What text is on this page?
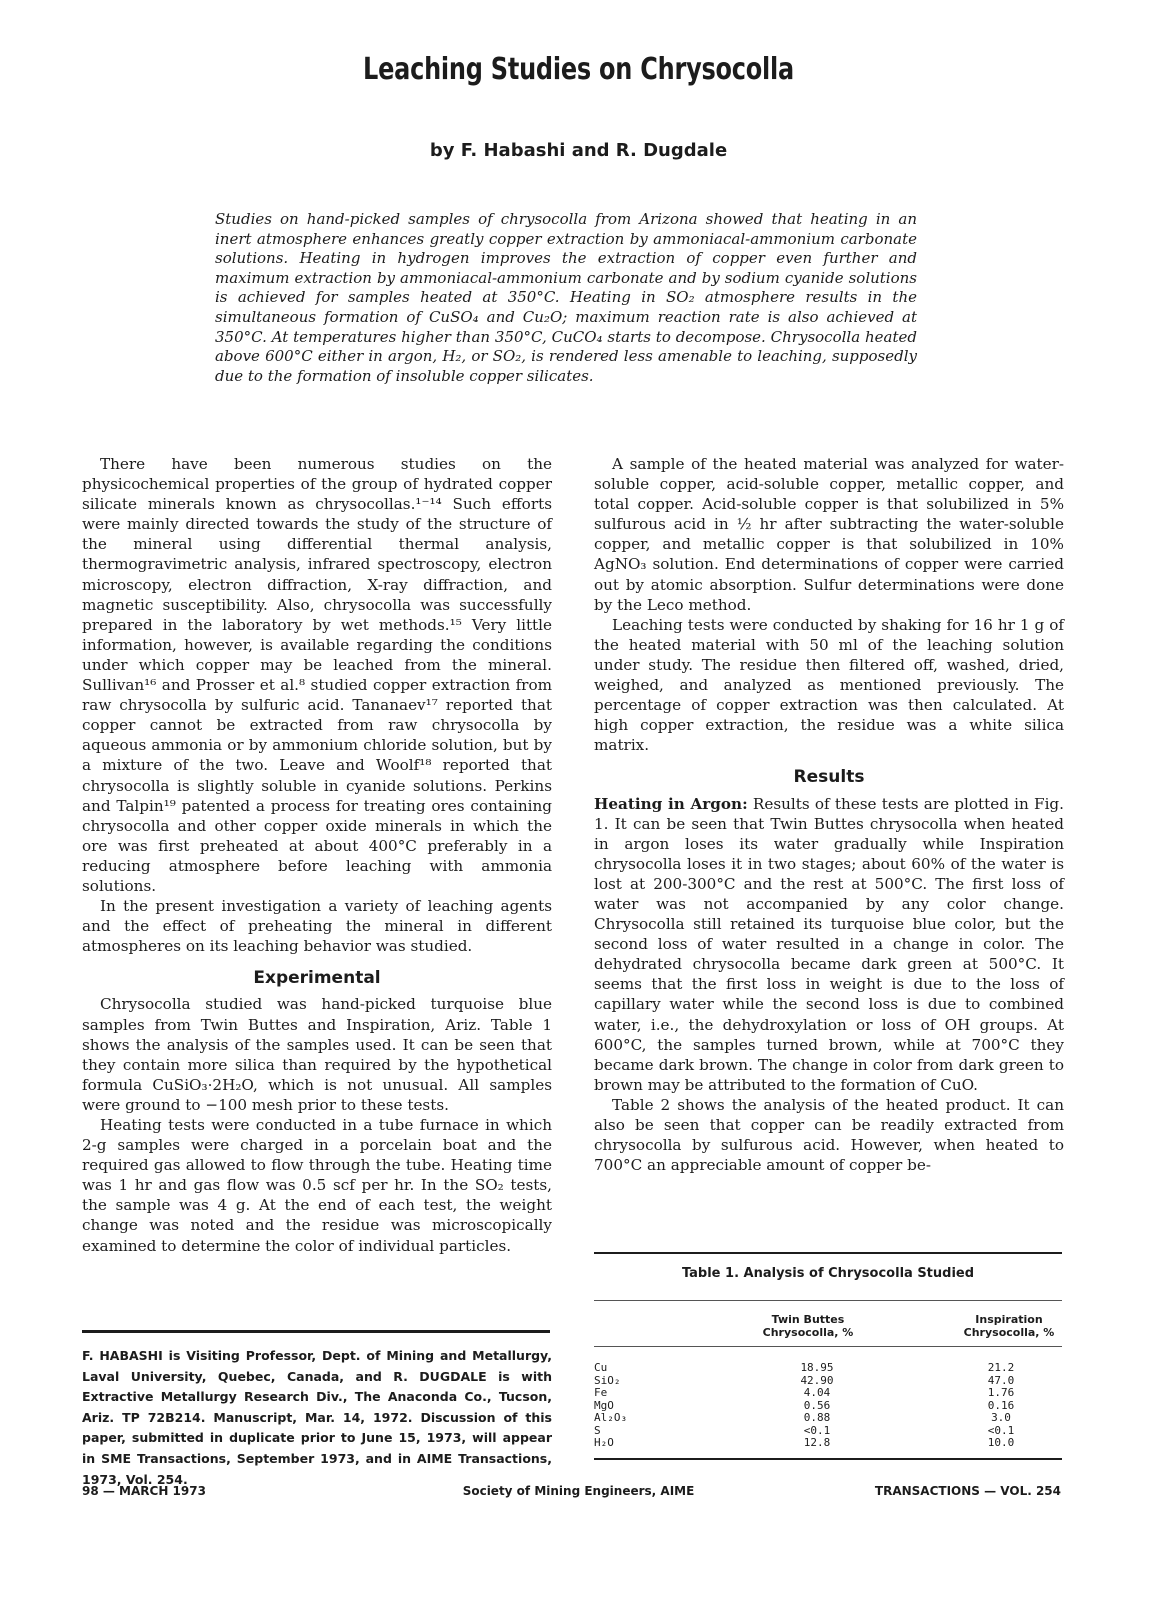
Leaching Studies on Chrysocolla
by F. Habashi and R. Dugdale

Studies on hand-picked samples of chrysocolla from Arizona showed that heating in an inert atmosphere enhances greatly copper extraction by ammoniacal-ammonium carbonate solutions. Heating in hydrogen improves the extraction of copper even further and maximum extraction by ammoniacal-ammonium carbonate and by sodium cyanide solutions is achieved for samples heated at 350°C. Heating in SO₂ atmosphere results in the simultaneous formation of CuSO₄ and Cu₂O; maximum reaction rate is also achieved at 350°C. At temperatures higher than 350°C, CuCO₄ starts to decompose. Chrysocolla heated above 600°C either in argon, H₂, or SO₂, is rendered less amenable to leaching, supposedly due to the formation of insoluble copper silicates.

There have been numerous studies on the physicochemical properties of the group of hydrated copper silicate minerals known as chrysocollas.¹⁻¹⁴ Such efforts were mainly directed towards the study of the structure of the mineral using differential thermal analysis, thermogravimetric analysis, infrared spectroscopy, electron microscopy, electron diffraction, X-ray diffraction, and magnetic susceptibility. Also, chrysocolla was successfully prepared in the laboratory by wet methods.¹⁵ Very little information, however, is available regarding the conditions under which copper may be leached from the mineral. Sullivan¹⁶ and Prosser et al.⁸ studied copper extraction from raw chrysocolla by sulfuric acid. Tananaev¹⁷ reported that copper cannot be extracted from raw chrysocolla by aqueous ammonia or by ammonium chloride solution, but by a mixture of the two. Leave and Woolf¹⁸ reported that chrysocolla is slightly soluble in cyanide solutions. Perkins and Talpin¹⁹ patented a process for treating ores containing chrysocolla and other copper oxide minerals in which the ore was first preheated at about 400°C preferably in a reducing atmosphere before leaching with ammonia solutions.

In the present investigation a variety of leaching agents and the effect of preheating the mineral in different atmospheres on its leaching behavior was studied.

Experimental

Chrysocolla studied was hand-picked turquoise blue samples from Twin Buttes and Inspiration, Ariz. Table 1 shows the analysis of the samples used. It can be seen that they contain more silica than required by the hypothetical formula CuSiO₃·2H₂O, which is not unusual. All samples were ground to −100 mesh prior to these tests.

Heating tests were conducted in a tube furnace in which 2-g samples were charged in a porcelain boat and the required gas allowed to flow through the tube. Heating time was 1 hr and gas flow was 0.5 scf per hr. In the SO₂ tests, the sample was 4 g. At the end of each test, the weight change was noted and the residue was microscopically examined to determine the color of individual particles.

F. HABASHI is Visiting Professor, Dept. of Mining and Metallurgy, Laval University, Quebec, Canada, and R. DUGDALE is with Extractive Metallurgy Research Div., The Anaconda Co., Tucson, Ariz. TP 72B214. Manuscript, Mar. 14, 1972. Discussion of this paper, submitted in duplicate prior to June 15, 1973, will appear in SME Transactions, September 1973, and in AIME Transactions, 1973, Vol. 254.

A sample of the heated material was analyzed for water-soluble copper, acid-soluble copper, metallic copper, and total copper. Acid-soluble copper is that solubilized in 5% sulfurous acid in ½ hr after subtracting the water-soluble copper, and metallic copper is that solubilized in 10% AgNO₃ solution. End determinations of copper were carried out by atomic absorption. Sulfur determinations were done by the Leco method.

Leaching tests were conducted by shaking for 16 hr 1 g of the heated material with 50 ml of the leaching solution under study. The residue then filtered off, washed, dried, weighed, and analyzed as mentioned previously. The percentage of copper extraction was then calculated. At high copper extraction, the residue was a white silica matrix.

Results

Heating in Argon: Results of these tests are plotted in Fig. 1. It can be seen that Twin Buttes chrysocolla when heated in argon loses its water gradually while Inspiration chrysocolla loses it in two stages; about 60% of the water is lost at 200-300°C and the rest at 500°C. The first loss of water was not accompanied by any color change. Chrysocolla still retained its turquoise blue color, but the second loss of water resulted in a change in color. The dehydrated chrysocolla became dark green at 500°C. It seems that the first loss in weight is due to the loss of capillary water while the second loss is due to combined water, i.e., the dehydroxylation or loss of OH groups. At 600°C, the samples turned brown, while at 700°C they became dark brown. The change in color from dark green to brown may be attributed to the formation of CuO.

Table 2 shows the analysis of the heated product. It can also be seen that copper can be readily extracted from chrysocolla by sulfurous acid. However, when heated to 700°C an appreciable amount of copper be-

Table 1. Analysis of Chrysocolla Studied
Twin Buttes
Chrysocolla, %
Inspiration
Chrysocolla, %
Cu	18.95	21.2
SiO₂	42.90	47.0
Fe	4.04	1.76
MgO	0.56	0.16
Al₂O₃	0.88	3.0
S	<0.1	<0.1
H₂O	12.8	10.0
98 — MARCH 1973	Society of Mining Engineers, AIME	TRANSACTIONS — VOL. 254
